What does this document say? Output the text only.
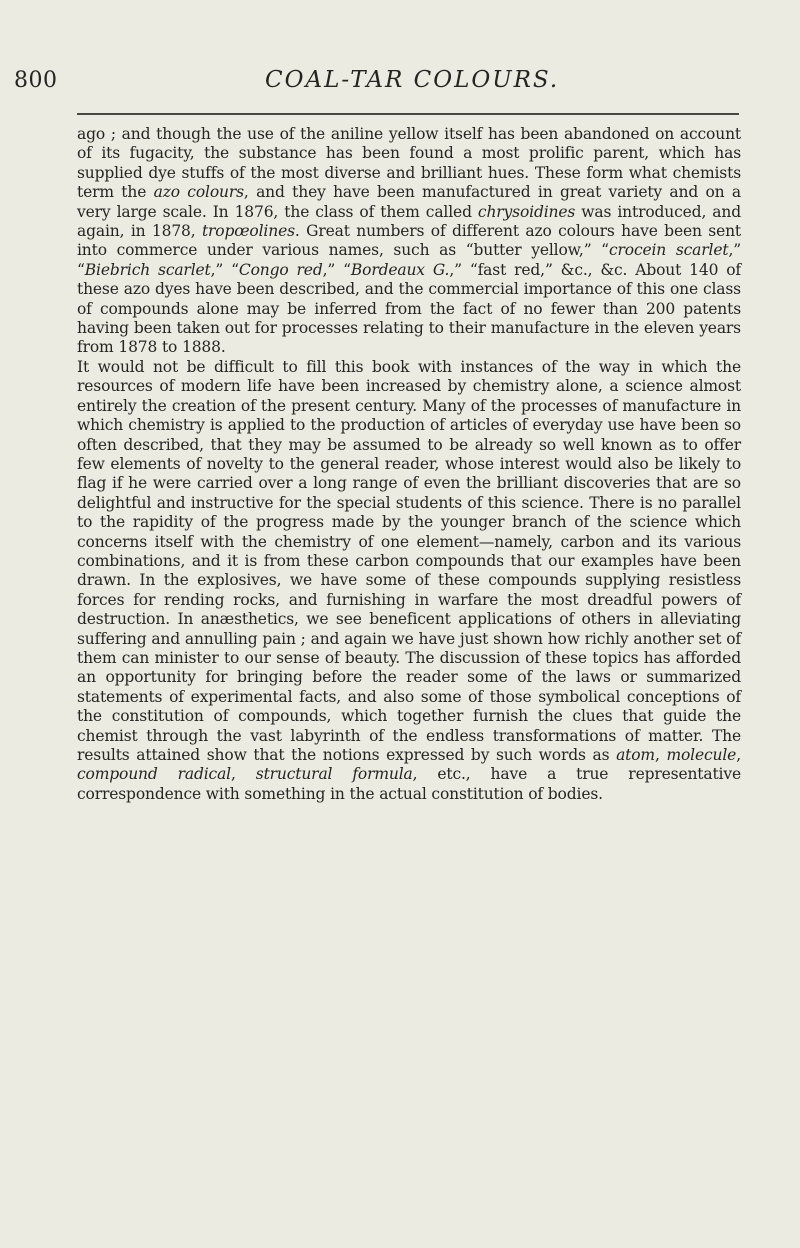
800	COAL-TAR COLOURS.

ago ; and though the use of the aniline yellow itself has been abandoned on account of its fugacity, the substance has been found a most prolific parent, which has supplied dye stuffs of the most diverse and brilliant hues. These form what chemists term the azo colours, and they have been manufactured in great variety and on a very large scale. In 1876, the class of them called chrysoidines was introduced, and again, in 1878, tropœolines. Great numbers of different azo colours have been sent into commerce under various names, such as “butter yellow,” “crocein scarlet,” “Biebrich scarlet,” “Congo red,” “Bordeaux G.,” “fast red,” &c., &c. About 140 of these azo dyes have been described, and the commercial importance of this one class of compounds alone may be inferred from the fact of no fewer than 200 patents having been taken out for processes relating to their manufacture in the eleven years from 1878 to 1888.

It would not be difficult to fill this book with instances of the way in which the resources of modern life have been increased by chemistry alone, a science almost entirely the creation of the present century. Many of the processes of manufacture in which chemistry is applied to the production of articles of everyday use have been so often described, that they may be assumed to be already so well known as to offer few elements of novelty to the general reader, whose interest would also be likely to flag if he were carried over a long range of even the brilliant discoveries that are so delightful and instructive for the special students of this science. There is no parallel to the rapidity of the progress made by the younger branch of the science which concerns itself with the chemistry of one element—namely, carbon and its various combinations, and it is from these carbon compounds that our examples have been drawn. In the explosives, we have some of these compounds supplying resistless forces for rending rocks, and furnishing in warfare the most dreadful powers of destruction. In anæsthetics, we see beneficent applications of others in alleviating suffering and annulling pain ; and again we have just shown how richly another set of them can minister to our sense of beauty. The discussion of these topics has afforded an opportunity for bringing before the reader some of the laws or summarized statements of experimental facts, and also some of those symbolical conceptions of the constitution of compounds, which together furnish the clues that guide the chemist through the vast labyrinth of the endless transformations of matter. The results attained show that the notions expressed by such words as atom, molecule, compound radical, structural formula, etc., have a true representative correspondence with something in the actual constitution of bodies.
